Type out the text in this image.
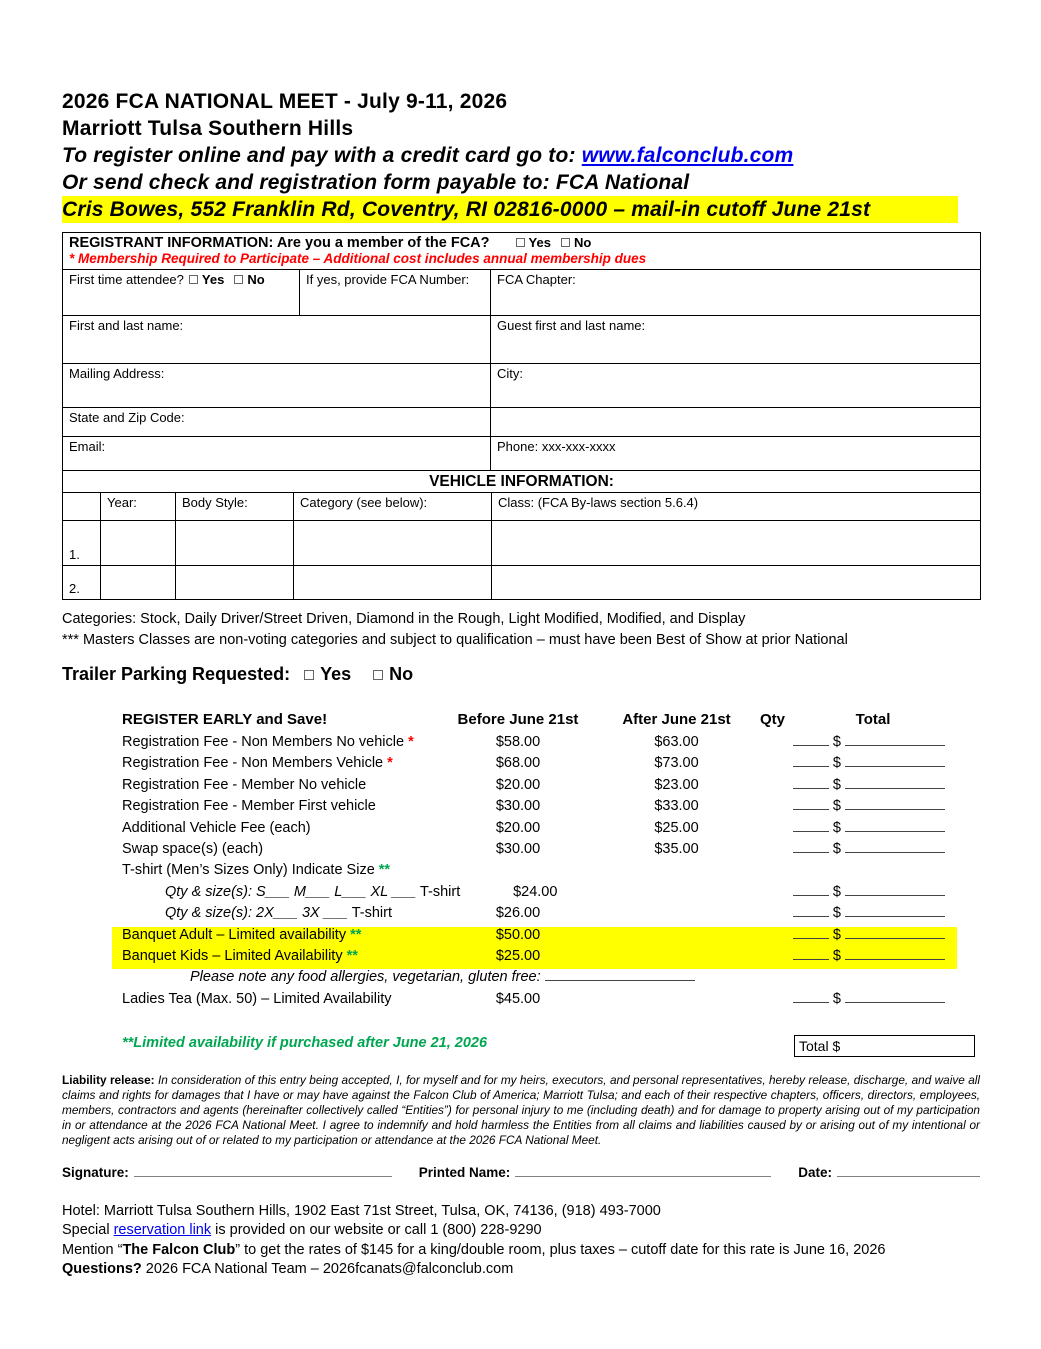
2026 FCA NATIONAL MEET - July 9-11, 2026
Marriott Tulsa Southern Hills
To register online and pay with a credit card go to: www.falconclub.com
Or send check and registration form payable to: FCA National
Cris Bowes, 552 Franklin Rd, Coventry, RI 02816-0000 – mail-in cutoff June 21st
REGISTRANT INFORMATION: Are you a member of the FCA? Yes No
* Membership Required to Participate – Additional cost includes annual membership dues		

First time attendee? Yes No	If yes, provide FCA Number:	FCA Chapter:
First and last name:		Guest first and last name:
Mailing Address:		City:
State and Zip Code:		
Email:		Phone: xxx-xxx-xxxx
VEHICLE INFORMATION:		
	Year:	Body Style:	Category (see below):	Class: (FCA By-laws section 5.6.4)
1.				
2.				
Categories: Stock, Daily Driver/Street Driven, Diamond in the Rough, Light Modified, Modified, and Display
*** Masters Classes are non-voting categories and subject to qualification – must have been Best of Show at prior National
Trailer Parking Requested: Yes No
REGISTER EARLY and Save!	Before June 21st	After June 21st	Qty	Total
Registration Fee - Non Members No vehicle *	$58.00	$63.00	$
Registration Fee - Non Members Vehicle *	$68.00	$73.00	$
Registration Fee - Member No vehicle	$20.00	$23.00	$
Registration Fee - Member First vehicle	$30.00	$33.00	$
Additional Vehicle Fee (each)	$20.00	$25.00	$
Swap space(s) (each)	$30.00	$35.00	$
T-shirt (Men’s Sizes Only) Indicate Size **
Qty & size(s): S___ M___ L___ XL ___ T-shirt	$24.00	$
Qty & size(s): 2X___ 3X ___ T-shirt	$26.00	$
Banquet Adult – Limited availability **	$50.00	$
Banquet Kids – Limited Availability **	$25.00	$
Please note any food allergies, vegetarian, gluten free:
Ladies Tea (Max. 50) – Limited Availability	$45.00	$
**Limited availability if purchased after June 21, 2026	Total $
Liability release: In consideration of this entry being accepted, I, for myself and for my heirs, executors, and personal representatives, hereby release, discharge, and waive all claims and rights for damages that I have or may have against the Falcon Club of America; Marriott Tulsa; and each of their respective chapters, officers, directors, employees, members, contractors and agents (hereinafter collectively called “Entities”) for personal injury to me (including death) and for damage to property arising out of my participation in or attendance at the 2026 FCA National Meet. I agree to indemnify and hold harmless the Entities from all claims and liabilities caused by or arising out of my intentional or negligent acts arising out of or related to my participation or attendance at the 2026 FCA National Meet.
Signature:	Printed Name:	Date:
Hotel: Marriott Tulsa Southern Hills, 1902 East 71st Street, Tulsa, OK, 74136, (918) 493-7000
Special reservation link is provided on our website or call 1 (800) 228-9290
Mention “The Falcon Club” to get the rates of $145 for a king/double room, plus taxes – cutoff date for this rate is June 16, 2026
Questions? 2026 FCA National Team – 2026fcanats@falconclub.com
